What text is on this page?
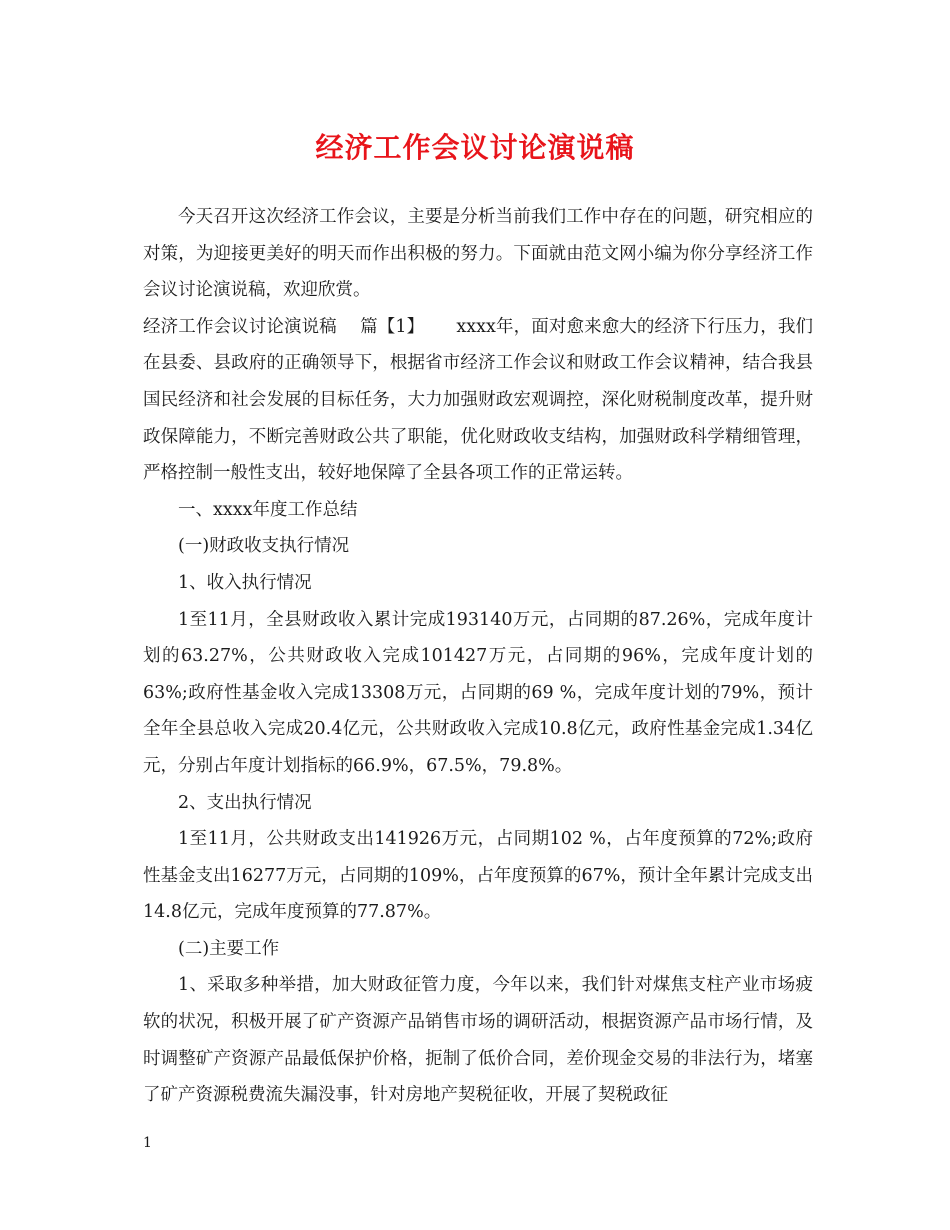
经济工作会议讨论演说稿

今天召开这次经济工作会议，主要是分析当前我们工作中存在的问题，研究相应的对策，为迎接更美好的明天而作出积极的努力。下面就由范文网小编为你分享经济工作会议讨论演说稿，欢迎欣赏。

经济工作会议讨论演说稿　 篇【1】　　 xxxx年，面对愈来愈大的经济下行压力，我们在县委、县政府的正确领导下，根据省市经济工作会议和财政工作会议精神，结合我县国民经济和社会发展的目标任务，大力加强财政宏观调控，深化财税制度改革，提升财政保障能力，不断完善财政公共了职能，优化财政收支结构，加强财政科学精细管理，严格控制一般性支出，较好地保障了全县各项工作的正常运转。

一、xxxx年度工作总结

(一)财政收支执行情况

1、收入执行情况

1至11月，全县财政收入累计完成193140万元，占同期的87.26%，完成年度计划的63.27%，公共财政收入完成101427万元，占同期的96%，完成年度计划的63%;政府性基金收入完成13308万元，占同期的69 %，完成年度计划的79%，预计全年全县总收入完成20.4亿元，公共财政收入完成10.8亿元，政府性基金完成1.34亿元，分别占年度计划指标的66.9%，67.5%，79.8%。

2、支出执行情况

1至11月，公共财政支出141926万元，占同期102 %，占年度预算的72%;政府性基金支出16277万元，占同期的109%，占年度预算的67%，预计全年累计完成支出14.8亿元，完成年度预算的77.87%。

(二)主要工作

1、采取多种举措，加大财政征管力度，今年以来，我们针对煤焦支柱产业市场疲软的状况，积极开展了矿产资源产品销售市场的调研活动，根据资源产品市场行情，及时调整矿产资源产品最低保护价格，扼制了低价合同，差价现金交易的非法行为，堵塞了矿产资源税费流失漏没事，针对房地产契税征收，开展了契税政征

1
